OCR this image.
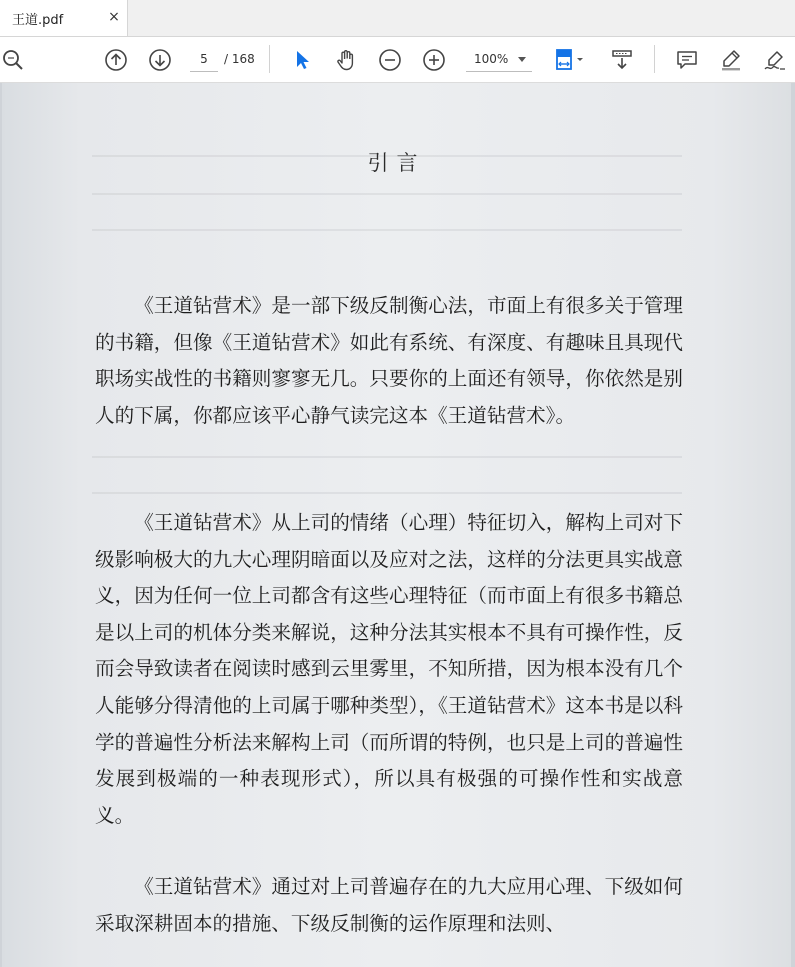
王道.pdf	×
5	/ 168	100%
引言
《王道钻营术》是一部下级反制衡心法，市面上有很多关于管理的书籍，但像《王道钻营术》如此有系统、有深度、有趣味且具现代职场实战性的书籍则寥寥无几。只要你的上面还有领导，你依然是别人的下属，你都应该平心静气读完这本《王道钻营术》。
《王道钻营术》从上司的情绪（心理）特征切入，解构上司对下级影响极大的九大心理阴暗面以及应对之法，这样的分法更具实战意义，因为任何一位上司都含有这些心理特征（而市面上有很多书籍总是以上司的机体分类来解说，这种分法其实根本不具有可操作性，反而会导致读者在阅读时感到云里雾里，不知所措，因为根本没有几个人能够分得清他的上司属于哪种类型），《王道钻营术》这本书是以科学的普遍性分析法来解构上司（而所谓的特例，也只是上司的普遍性发展到极端的一种表现形式），所以具有极强的可操作性和实战意义。
《王道钻营术》通过对上司普遍存在的九大应用心理、下级如何采取深耕固本的措施、下级反制衡的运作原理和法则、
